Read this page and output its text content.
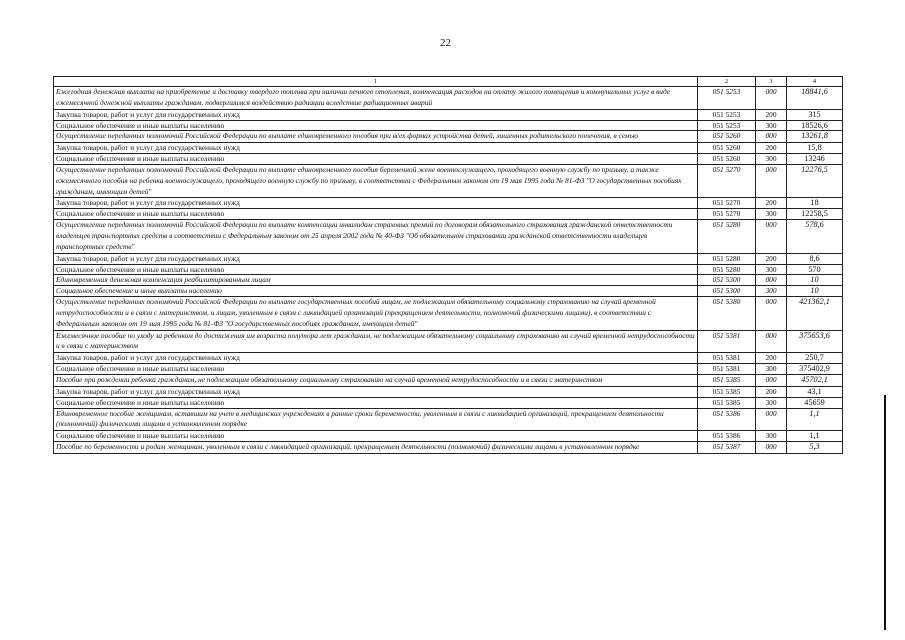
22
1	2	3	4
Ежегодная денежная выплата на приобретение и доставку твердого топлива при наличии печного отопления, компенсация расходов на оплату жилого помещения и коммунальных услуг в виде ежемесячной денежной выплаты гражданам, подвергшимся воздействию радиации вследствие радиационных аварий	051 5253	000	18841,6
Закупка товаров, работ и услуг для государственных нужд	051 5253	200	315
Социальное обеспечение и иные выплаты населению	051 5253	300	18526,6
Осуществление переданных полномочий Российской Федерации по выплате единовременного пособия при всех формах устройства детей, лишенных родительского попечения, в семью	051 5260	000	13261,8
Закупка товаров, работ и услуг для государственных нужд	051 5260	200	15,8
Социальное обеспечение и иные выплаты населению	051 5260	300	13246
Осуществление переданных полномочий Российской Федерации по выплате единовременного пособия беременной жене военнослужащего, проходящего военную службу по призыву, а также ежемесячного пособия на ребенка военнослужащего, проходящего военную службу по призыву, в соответствии с Федеральным законом от 19 мая 1995 года № 81-ФЗ "О государственных пособиях гражданам, имеющим детей"	051 5270	000	12276,5
Закупка товаров, работ и услуг для государственных нужд	051 5270	200	18
Социальное обеспечение и иные выплаты населению	051 5270	300	12258,5
Осуществление переданных полномочий Российской Федерации по выплате компенсации инвалидам страховых премий по договорам обязательного страхования гражданской ответственности владельцев транспортных средств в соответствии с Федеральным законом от 25 апреля 2002 года № 40-ФЗ "Об обязательном страховании гражданской ответственности владельцев транспортных средств"	051 5280	000	578,6
Закупка товаров, работ и услуг для государственных нужд	051 5280	200	8,6
Социальное обеспечение и иные выплаты населению	051 5280	300	570
Единовременная денежная компенсация реабилитированным лицам	051 5300	000	10
Социальное обеспечение и иные выплаты населению	051 5300	300	10
Осуществление переданных полномочий Российской Федерации по выплате государственных пособий лицам, не подлежащим обязательному социальному страхованию на случай временной нетрудоспособности и в связи с материнством, и лицам, уволенным в связи с ликвидацией организаций (прекращением деятельности, полномочий физическими лицами), в соответствии с Федеральным законом от 19 мая 1995 года № 81-ФЗ "О государственных пособиях гражданам, имеющим детей"	051 5380	000	421362,1
Ежемесячное пособие по уходу за ребенком до достижения им возраста полутора лет гражданам, не подлежащим обязательному социальному страхованию на случай временной нетрудоспособности и в связи с материнством	051 5381	000	375653,6
Закупка товаров, работ и услуг для государственных нужд	051 5381	200	250,7
Социальное обеспечение и иные выплаты населению	051 5381	300	375402,9
Пособие при рождении ребенка гражданам, не подлежащим обязательному социальному страхованию на случай временной нетрудоспособности и в связи с материнством	051 5385	000	45702,1
Закупка товаров, работ и услуг для государственных нужд	051 5385	200	43,1
Социальное обеспечение и иные выплаты населению	051 5385	300	45659
Единовременное пособие женщинам, вставшим на учет в медицинских учреждениях в ранние сроки беременности, уволенным в связи с ликвидацией организаций, прекращением деятельности (полномочий) физическими лицами в установленном порядке	051 5386	000	1,1
Социальное обеспечение и иные выплаты населению	051 5386	300	1,1
Пособие по беременности и родам женщинам, уволенным в связи с ликвидацией организаций, прекращением деятельности (полномочий) физическими лицами в установленном порядке	051 5387	000	5,3
